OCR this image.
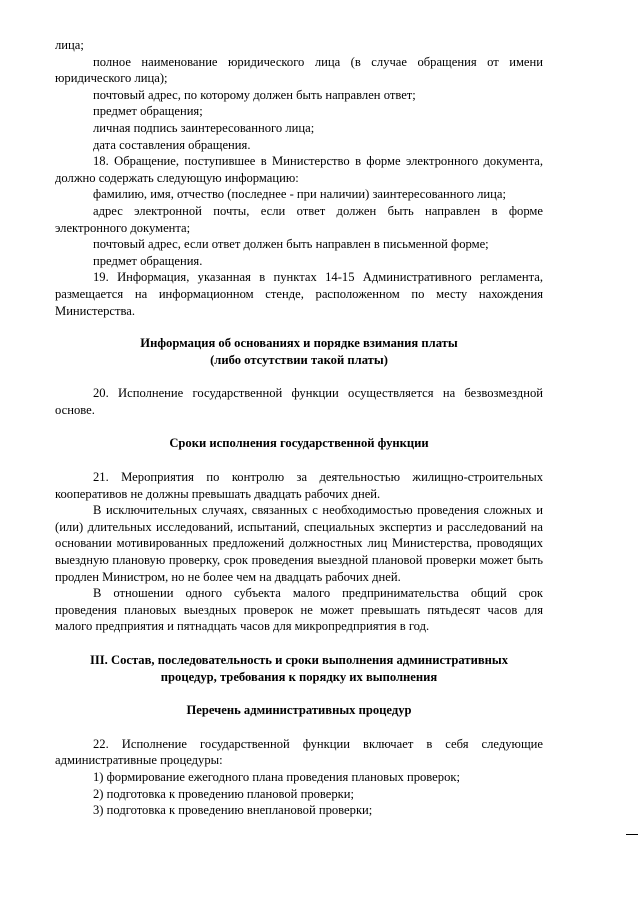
лица;

полное наименование юридического лица (в случае обращения от имени юридического лица);

почтовый адрес, по которому должен быть направлен ответ;

предмет обращения;

личная подпись заинтересованного лица;

дата составления обращения.

18. Обращение, поступившее в Министерство в форме электронного документа, должно содержать следующую информацию:

фамилию, имя, отчество (последнее - при наличии) заинтересованного лица;

адрес электронной почты, если ответ должен быть направлен в форме электронного документа;

почтовый адрес, если ответ должен быть направлен в письменной форме;

предмет обращения.

19. Информация, указанная в пунктах 14-15 Административного регламента, размещается на информационном стенде, расположенном по месту нахождения Министерства.

Информация об основаниях и порядке взимания платы

(либо отсутствии такой платы)

20. Исполнение государственной функции осуществляется на безвозмездной основе.

Сроки исполнения государственной функции

21. Мероприятия по контролю за деятельностью жилищно-строительных кооперативов не должны превышать двадцать рабочих дней.

В исключительных случаях, связанных с необходимостью проведения сложных и (или) длительных исследований, испытаний, специальных экспертиз и расследований на основании мотивированных предложений должностных лиц Министерства, проводящих выездную плановую проверку, срок проведения выездной плановой проверки может быть продлен Министром, но не более чем на двадцать рабочих дней.

В отношении одного субъекта малого предпринимательства общий срок проведения плановых выездных проверок не может превышать пятьдесят часов для малого предприятия и пятнадцать часов для микропредприятия в год.

III. Состав, последовательность и сроки выполнения административных

процедур, требования к порядку их выполнения

Перечень административных процедур

22. Исполнение государственной функции включает в себя следующие административные процедуры:

1) формирование ежегодного плана проведения плановых проверок;

2) подготовка к проведению плановой проверки;

3) подготовка к проведению внеплановой проверки;
